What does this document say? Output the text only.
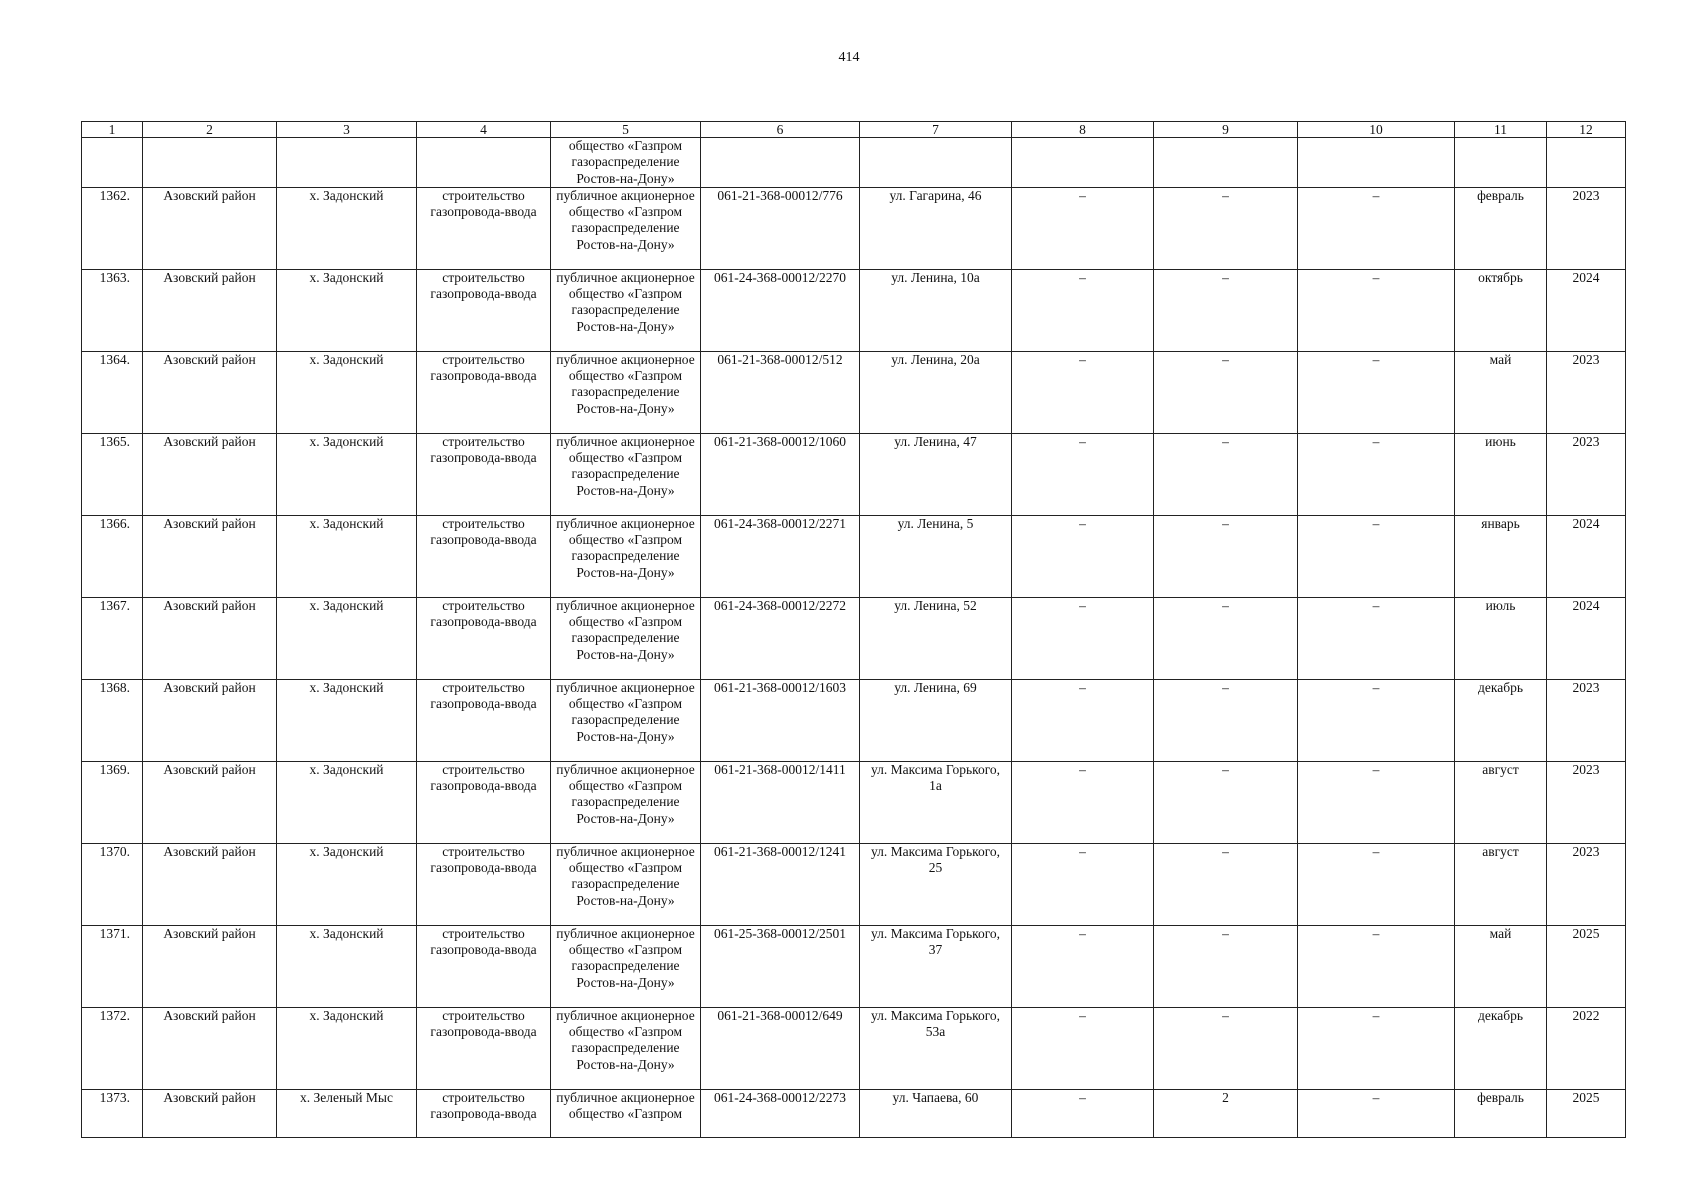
414
1	2	3	4	5	6	7	8	9	10	11	12
				общество «Газпром газораспределение Ростов-на-Дону»							
1362.	Азовский район	х. Задонский	строительство газопровода-ввода	публичное акционерное общество «Газпром газораспределение Ростов-на-Дону»	061-21-368-00012/776	ул. Гагарина, 46	–	–	–	февраль	2023
1363.	Азовский район	х. Задонский	строительство газопровода-ввода	публичное акционерное общество «Газпром газораспределение Ростов-на-Дону»	061-24-368-00012/2270	ул. Ленина, 10а	–	–	–	октябрь	2024
1364.	Азовский район	х. Задонский	строительство газопровода-ввода	публичное акционерное общество «Газпром газораспределение Ростов-на-Дону»	061-21-368-00012/512	ул. Ленина, 20а	–	–	–	май	2023
1365.	Азовский район	х. Задонский	строительство газопровода-ввода	публичное акционерное общество «Газпром газораспределение Ростов-на-Дону»	061-21-368-00012/1060	ул. Ленина, 47	–	–	–	июнь	2023
1366.	Азовский район	х. Задонский	строительство газопровода-ввода	публичное акционерное общество «Газпром газораспределение Ростов-на-Дону»	061-24-368-00012/2271	ул. Ленина, 5	–	–	–	январь	2024
1367.	Азовский район	х. Задонский	строительство газопровода-ввода	публичное акционерное общество «Газпром газораспределение Ростов-на-Дону»	061-24-368-00012/2272	ул. Ленина, 52	–	–	–	июль	2024
1368.	Азовский район	х. Задонский	строительство газопровода-ввода	публичное акционерное общество «Газпром газораспределение Ростов-на-Дону»	061-21-368-00012/1603	ул. Ленина, 69	–	–	–	декабрь	2023
1369.	Азовский район	х. Задонский	строительство газопровода-ввода	публичное акционерное общество «Газпром газораспределение Ростов-на-Дону»	061-21-368-00012/1411	ул. Максима Горького, 1а	–	–	–	август	2023
1370.	Азовский район	х. Задонский	строительство газопровода-ввода	публичное акционерное общество «Газпром газораспределение Ростов-на-Дону»	061-21-368-00012/1241	ул. Максима Горького, 25	–	–	–	август	2023
1371.	Азовский район	х. Задонский	строительство газопровода-ввода	публичное акционерное общество «Газпром газораспределение Ростов-на-Дону»	061-25-368-00012/2501	ул. Максима Горького, 37	–	–	–	май	2025
1372.	Азовский район	х. Задонский	строительство газопровода-ввода	публичное акционерное общество «Газпром газораспределение Ростов-на-Дону»	061-21-368-00012/649	ул. Максима Горького, 53а	–	–	–	декабрь	2022
1373.	Азовский район	х. Зеленый Мыс	строительство газопровода-ввода	публичное акционерное общество «Газпром	061-24-368-00012/2273	ул. Чапаева, 60	–	2	–	февраль	2025
